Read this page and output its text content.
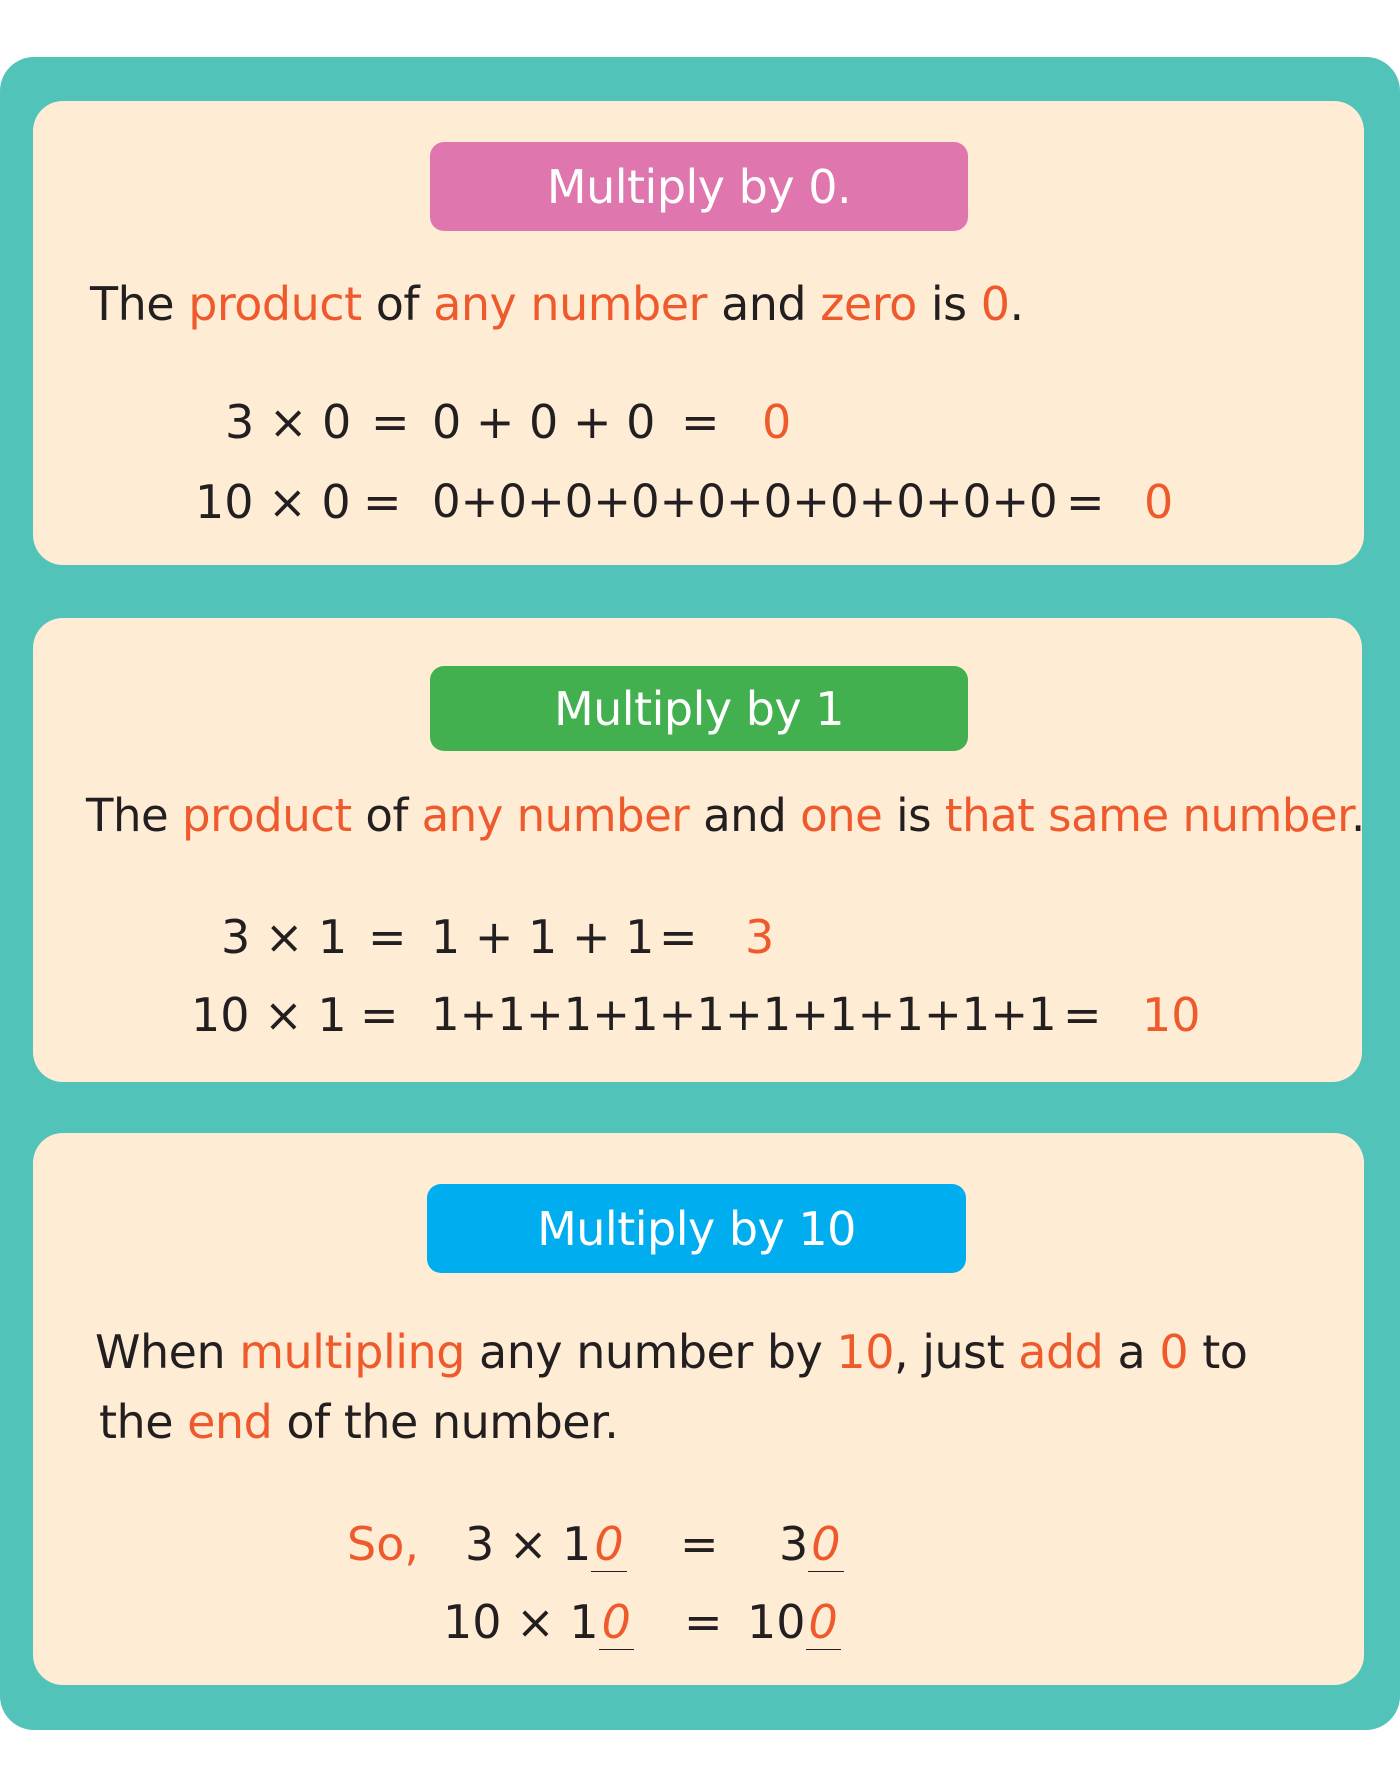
Multiply by 0.
The product of any number and zero is 0.
3 × 0 = 0 + 0 + 0 = 0
10 × 0 = 0+0+0+0+0+0+0+0+0+0 = 0
Multiply by 1
The product of any number and one is that same number.
3 × 1 = 1 + 1 + 1 = 3
10 × 1 = 1+1+1+1+1+1+1+1+1+1 = 10
Multiply by 10
When multipling any number by 10, just add a 0 to
the end of the number.
So, 3 × 10 = 30
10 × 10 = 100
